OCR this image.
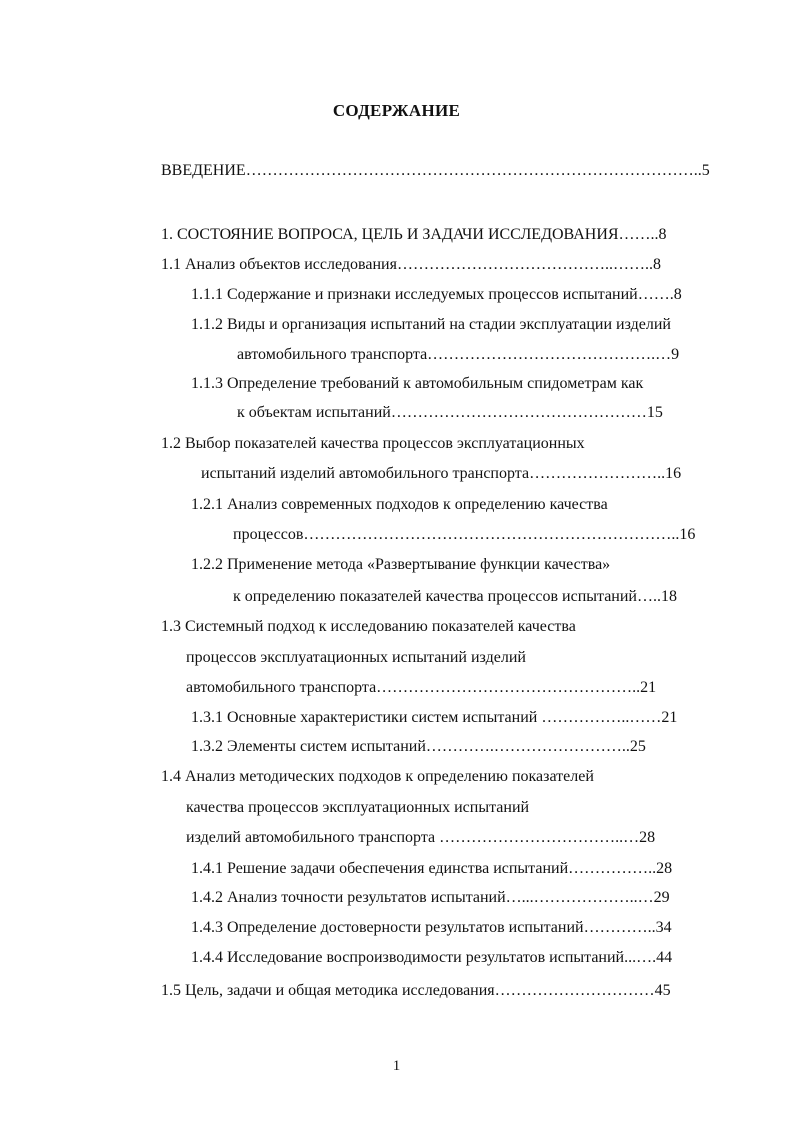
СОДЕРЖАНИЕ
ВВЕДЕНИЕ…………………………………………………………………………..5
1. СОСТОЯНИЕ ВОПРОСА, ЦЕЛЬ И ЗАДАЧИ ИССЛЕДОВАНИЯ……..8
1.1 Анализ объектов исследования…………………………………..……..8
1.1.1 Содержание и признаки исследуемых процессов испытаний…….8
1.1.2 Виды и организация испытаний на стадии эксплуатации изделий
автомобильного транспорта…………………………………….…9
1.1.3 Определение требований к автомобильным спидометрам как
к объектам испытаний…………………………………………15
1.2 Выбор показателей качества процессов эксплуатационных
испытаний изделий автомобильного транспорта……………………..16
1.2.1 Анализ современных подходов к определению качества
процессов……………………………………………………………..16
1.2.2 Применение метода «Развертывание функции качества»
к определению показателей качества процессов испытаний…..18
1.3 Системный подход к исследованию показателей качества
процессов эксплуатационных испытаний изделий
автомобильного транспорта…………………………………………..21
1.3.1 Основные характеристики систем испытаний ……………..……21
1.3.2 Элементы систем испытаний………….……………………..25
1.4 Анализ методических подходов к определению показателей
качества процессов эксплуатационных испытаний
изделий автомобильного транспорта ……………………………..…28
1.4.1 Решение задачи обеспечения единства испытаний……………..28
1.4.2 Анализ точности результатов испытаний…...………………..…29
1.4.3 Определение достоверности результатов испытаний…………..34
1.4.4 Исследование воспроизводимости результатов испытаний...….44
1.5 Цель, задачи и общая методика исследования…………………………45
1
